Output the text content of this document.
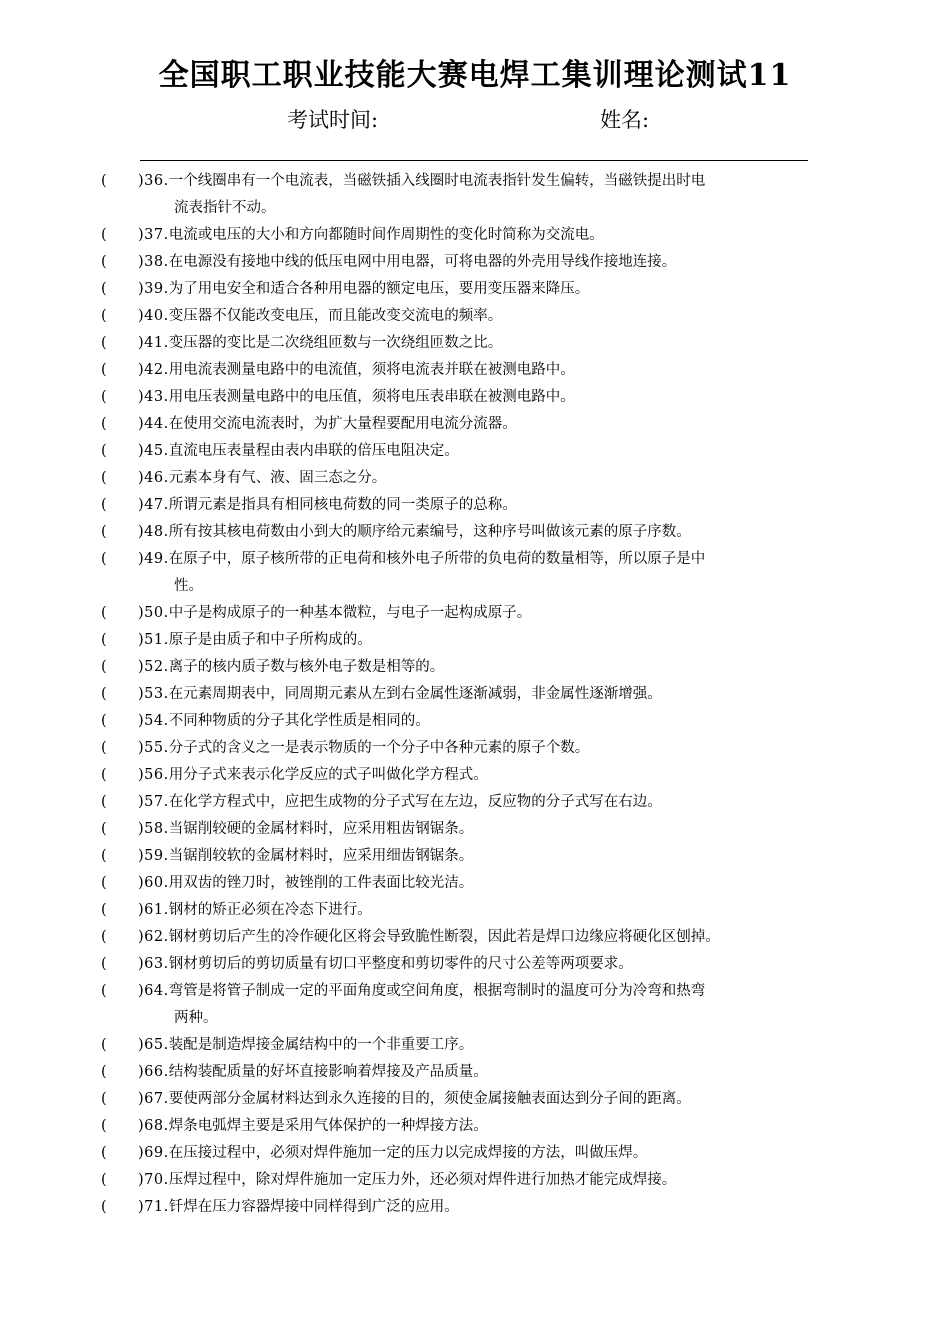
全国职工职业技能大赛电焊工集训理论测试11
考试时间:	姓名:
(
)36.一个线圈串有一个电流表，当磁铁插入线圈时电流表指针发生偏转，当磁铁提出时电
流表指针不动。
(
)37.电流或电压的大小和方向都随时间作周期性的变化时简称为交流电。
(
)38.在电源没有接地中线的低压电网中用电器，可将电器的外壳用导线作接地连接。
(
)39.为了用电安全和适合各种用电器的额定电压，要用变压器来降压。
(
)40.变压器不仅能改变电压，而且能改变交流电的频率。
(
)41.变压器的变比是二次绕组匝数与一次绕组匝数之比。
(
)42.用电流表测量电路中的电流值，须将电流表并联在被测电路中。
(
)43.用电压表测量电路中的电压值，须将电压表串联在被测电路中。
(
)44.在使用交流电流表时，为扩大量程要配用电流分流器。
(
)45.直流电压表量程由表内串联的倍压电阻决定。
(
)46.元素本身有气、液、固三态之分。
(
)47.所谓元素是指具有相同核电荷数的同一类原子的总称。
(
)48.所有按其核电荷数由小到大的顺序给元素编号，这种序号叫做该元素的原子序数。
(
)49.在原子中，原子核所带的正电荷和核外电子所带的负电荷的数量相等，所以原子是中
性。
(
)50.中子是构成原子的一种基本微粒，与电子一起构成原子。
(
)51.原子是由质子和中子所构成的。
(
)52.离子的核内质子数与核外电子数是相等的。
(
)53.在元素周期表中，同周期元素从左到右金属性逐渐减弱，非金属性逐渐增强。
(
)54.不同种物质的分子其化学性质是相同的。
(
)55.分子式的含义之一是表示物质的一个分子中各种元素的原子个数。
(
)56.用分子式来表示化学反应的式子叫做化学方程式。
(
)57.在化学方程式中，应把生成物的分子式写在左边，反应物的分子式写在右边。
(
)58.当锯削较硬的金属材料时，应采用粗齿钢锯条。
(
)59.当锯削较软的金属材料时，应采用细齿钢锯条。
(
)60.用双齿的锉刀时，被锉削的工件表面比较光洁。
(
)61.钢材的矫正必须在冷态下进行。
(
)62.钢材剪切后产生的冷作硬化区将会导致脆性断裂，因此若是焊口边缘应将硬化区刨掉。
(
)63.钢材剪切后的剪切质量有切口平整度和剪切零件的尺寸公差等两项要求。
(
)64.弯管是将管子制成一定的平面角度或空间角度，根据弯制时的温度可分为冷弯和热弯
两种。
(
)65.装配是制造焊接金属结构中的一个非重要工序。
(
)66.结构装配质量的好坏直接影响着焊接及产品质量。
(
)67.要使两部分金属材料达到永久连接的目的，须使金属接触表面达到分子间的距离。
(
)68.焊条电弧焊主要是采用气体保护的一种焊接方法。
(
)69.在压接过程中，必须对焊件施加一定的压力以完成焊接的方法，叫做压焊。
(
)70.压焊过程中，除对焊件施加一定压力外，还必须对焊件进行加热才能完成焊接。
(
)71.钎焊在压力容器焊接中同样得到广泛的应用。
